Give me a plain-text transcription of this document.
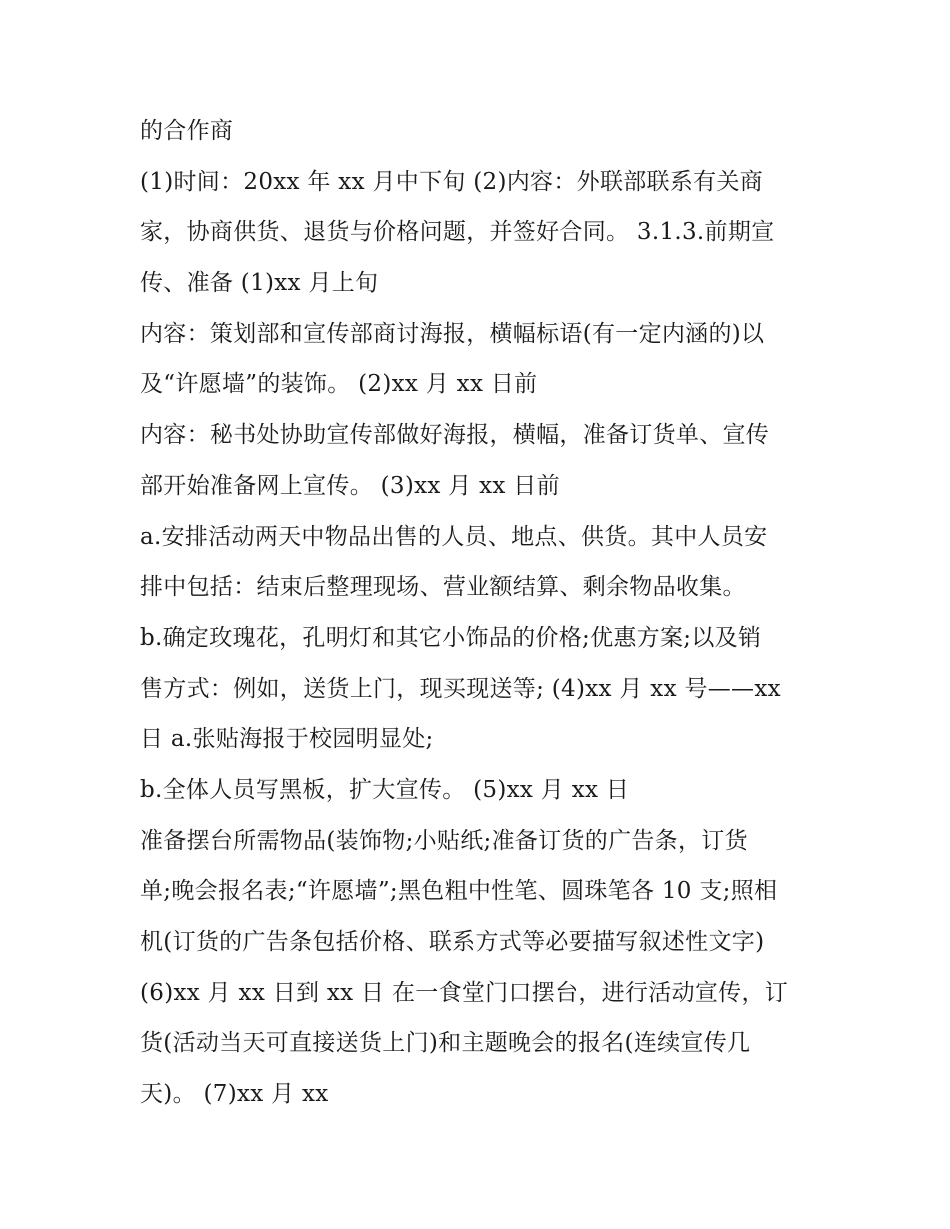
的合作商
(1)时间：20xx 年 xx 月中下旬 (2)内容：外联部联系有关商
家，协商供货、退货与价格问题，并签好合同。 3.1.3.前期宣
传、准备 (1)xx 月上旬
内容：策划部和宣传部商讨海报，横幅标语(有一定内涵的)以
及“许愿墙”的装饰。 (2)xx 月 xx 日前
内容：秘书处协助宣传部做好海报，横幅，准备订货单、宣传
部开始准备网上宣传。 (3)xx 月 xx 日前
a.安排活动两天中物品出售的人员、地点、供货。其中人员安
排中包括：结束后整理现场、营业额结算、剩余物品收集。
b.确定玫瑰花，孔明灯和其它小饰品的价格;优惠方案;以及销
售方式：例如，送货上门，现买现送等; (4)xx 月 xx 号——xx
日 a.张贴海报于校园明显处;
b.全体人员写黑板，扩大宣传。 (5)xx 月 xx 日
准备摆台所需物品(装饰物;小贴纸;准备订货的广告条，订货
单;晚会报名表;“许愿墙”;黑色粗中性笔、圆珠笔各 10 支;照相
机(订货的广告条包括价格、联系方式等必要描写叙述性文字)
(6)xx 月 xx 日到 xx 日 在一食堂门口摆台，进行活动宣传，订
货(活动当天可直接送货上门)和主题晚会的报名(连续宣传几
天)。 (7)xx 月 xx
